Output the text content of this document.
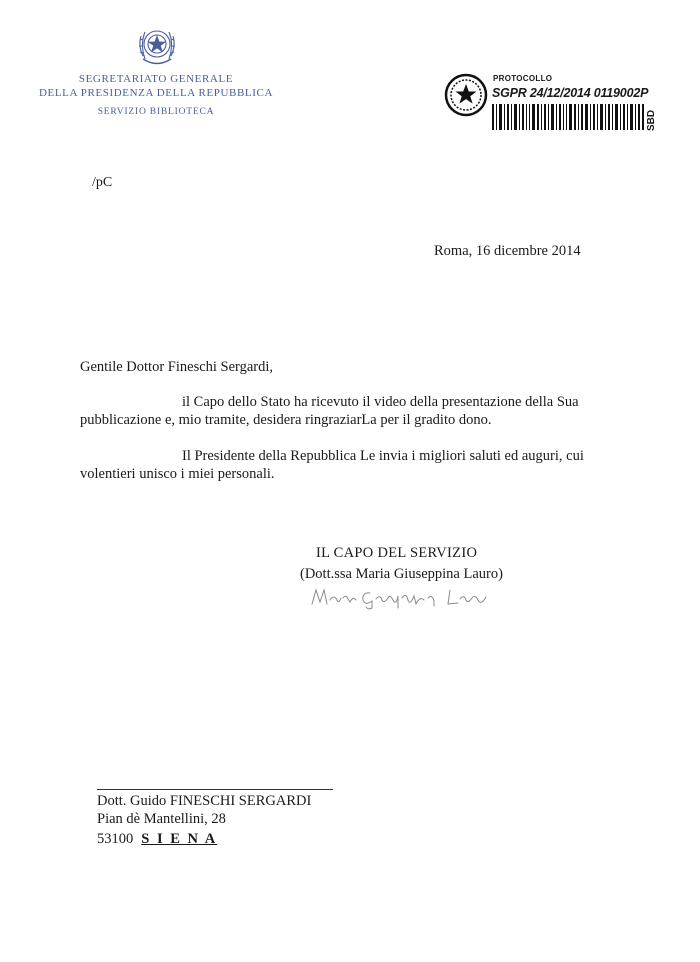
SEGRETARIATO GENERALE
DELLA PRESIDENZA DELLA REPUBBLICA
SERVIZIO BIBLIOTECA
PROTOCOLLO
SGPR 24/12/2014 0119002P
SBD
/pC
Roma, 16 dicembre 2014
Gentile Dottor Fineschi Sergardi,
il Capo dello Stato ha ricevuto il video della presentazione della Sua
pubblicazione e, mio tramite, desidera ringraziarLa per il gradito dono.
Il Presidente della Repubblica Le invia i migliori saluti ed auguri, cui
volentieri unisco i miei personali.
IL CAPO DEL SERVIZIO
(Dott.ssa Maria Giuseppina Lauro)
Dott. Guido FINESCHI SERGARDI
Pian dè Mantellini, 28
53100 S I E N A
